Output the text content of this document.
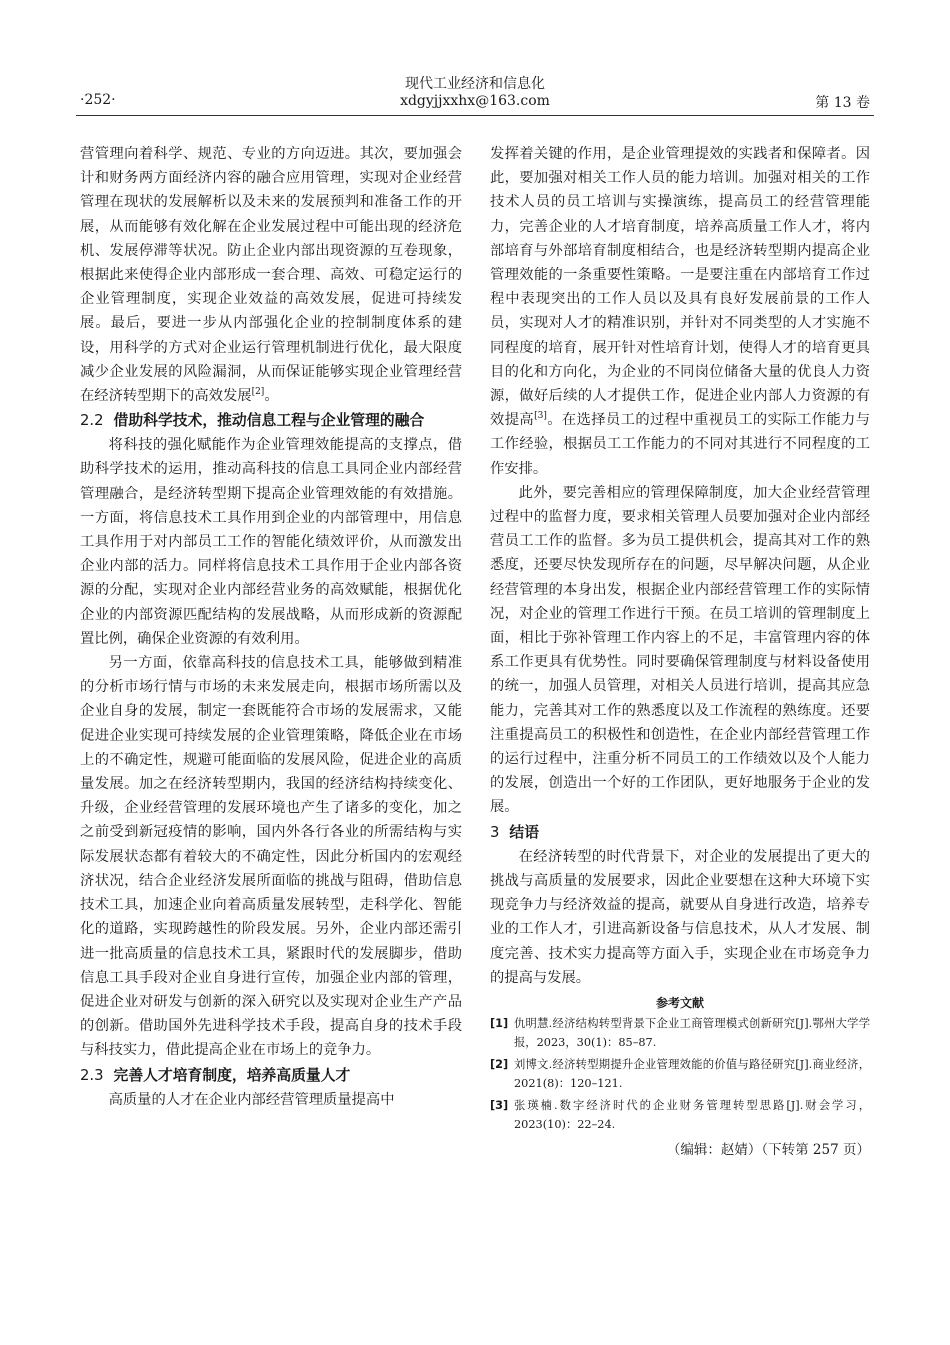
·252·
现代工业经济和信息化
xdgyjjxxhx@163.com	第 13 卷

营管理向着科学、规范、专业的方向迈进。其次，要加强会计和财务两方面经济内容的融合应用管理，实现对企业经营管理在现状的发展解析以及未来的发展预判和准备工作的开展，从而能够有效化解在企业发展过程中可能出现的经济危机、发展停滞等状况。防止企业内部出现资源的互卷现象，根据此来使得企业内部形成一套合理、高效、可稳定运行的企业管理制度，实现企业效益的高效发展，促进可持续发展。最后，要进一步从内部强化企业的控制制度体系的建设，用科学的方式对企业运行管理机制进行优化，最大限度减少企业发展的风险漏洞，从而保证能够实现企业管理经营在经济转型期下的高效发展[2]。

2.2 借助科学技术，推动信息工程与企业管理的融合

将科技的强化赋能作为企业管理效能提高的支撑点，借助科学技术的运用，推动高科技的信息工具同企业内部经营管理融合，是经济转型期下提高企业管理效能的有效措施。一方面，将信息技术工具作用到企业的内部管理中，用信息工具作用于对内部员工工作的智能化绩效评价，从而激发出企业内部的活力。同样将信息技术工具作用于企业内部各资源的分配，实现对企业内部经营业务的高效赋能，根据优化企业的内部资源匹配结构的发展战略，从而形成新的资源配置比例，确保企业资源的有效利用。

另一方面，依靠高科技的信息技术工具，能够做到精准的分析市场行情与市场的未来发展走向，根据市场所需以及企业自身的发展，制定一套既能符合市场的发展需求，又能促进企业实现可持续发展的企业管理策略，降低企业在市场上的不确定性，规避可能面临的发展风险，促进企业的高质量发展。加之在经济转型期内，我国的经济结构持续变化、升级，企业经营管理的发展环境也产生了诸多的变化，加之之前受到新冠疫情的影响，国内外各行各业的所需结构与实际发展状态都有着较大的不确定性，因此分析国内的宏观经济状况，结合企业经济发展所面临的挑战与阻碍，借助信息技术工具，加速企业向着高质量发展转型，走科学化、智能化的道路，实现跨越性的阶段发展。另外，企业内部还需引进一批高质量的信息技术工具，紧跟时代的发展脚步，借助信息工具手段对企业自身进行宣传，加强企业内部的管理，促进企业对研发与创新的深入研究以及实现对企业生产产品的创新。借助国外先进科学技术手段，提高自身的技术手段与科技实力，借此提高企业在市场上的竞争力。

2.3 完善人才培育制度，培养高质量人才

高质量的人才在企业内部经营管理质量提高中

发挥着关键的作用，是企业管理提效的实践者和保障者。因此，要加强对相关工作人员的能力培训。加强对相关的工作技术人员的员工培训与实操演练，提高员工的经营管理能力，完善企业的人才培育制度，培养高质量工作人才，将内部培育与外部培育制度相结合，也是经济转型期内提高企业管理效能的一条重要性策略。一是要注重在内部培育工作过程中表现突出的工作人员以及具有良好发展前景的工作人员，实现对人才的精准识别，并针对不同类型的人才实施不同程度的培育，展开针对性培育计划，使得人才的培育更具目的化和方向化，为企业的不同岗位储备大量的优良人力资源，做好后续的人才提供工作，促进企业内部人力资源的有效提高[3]。在选择员工的过程中重视员工的实际工作能力与工作经验，根据员工工作能力的不同对其进行不同程度的工作安排。

此外，要完善相应的管理保障制度，加大企业经营管理过程中的监督力度，要求相关管理人员要加强对企业内部经营员工工作的监督。多为员工提供机会，提高其对工作的熟悉度，还要尽快发现所存在的问题，尽早解决问题，从企业经营管理的本身出发，根据企业内部经营管理工作的实际情况，对企业的管理工作进行干预。在员工培训的管理制度上面，相比于弥补管理工作内容上的不足，丰富管理内容的体系工作更具有优势性。同时要确保管理制度与材料设备使用的统一，加强人员管理，对相关人员进行培训，提高其应急能力，完善其对工作的熟悉度以及工作流程的熟练度。还要注重提高员工的积极性和创造性，在企业内部经营管理工作的运行过程中，注重分析不同员工的工作绩效以及个人能力的发展，创造出一个好的工作团队，更好地服务于企业的发展。

3 结语

在经济转型的时代背景下，对企业的发展提出了更大的挑战与高质量的发展要求，因此企业要想在这种大环境下实现竞争力与经济效益的提高，就要从自身进行改造，培养专业的工作人才，引进高新设备与信息技术，从人才发展、制度完善、技术实力提高等方面入手，实现企业在市场竞争力的提高与发展。

参考文献
[1] 仇明慧.经济结构转型背景下企业工商管理模式创新研究[J].鄂州大学学报，2023，30(1)：85–87.
[2] 刘博文.经济转型期提升企业管理效能的价值与路径研究[J].商业经济，2021(8)：120–121.
[3] 张瑛楠.数字经济时代的企业财务管理转型思路[J].财会学习，2023(10)：22–24.
（编辑：赵婧）（下转第 257 页）
